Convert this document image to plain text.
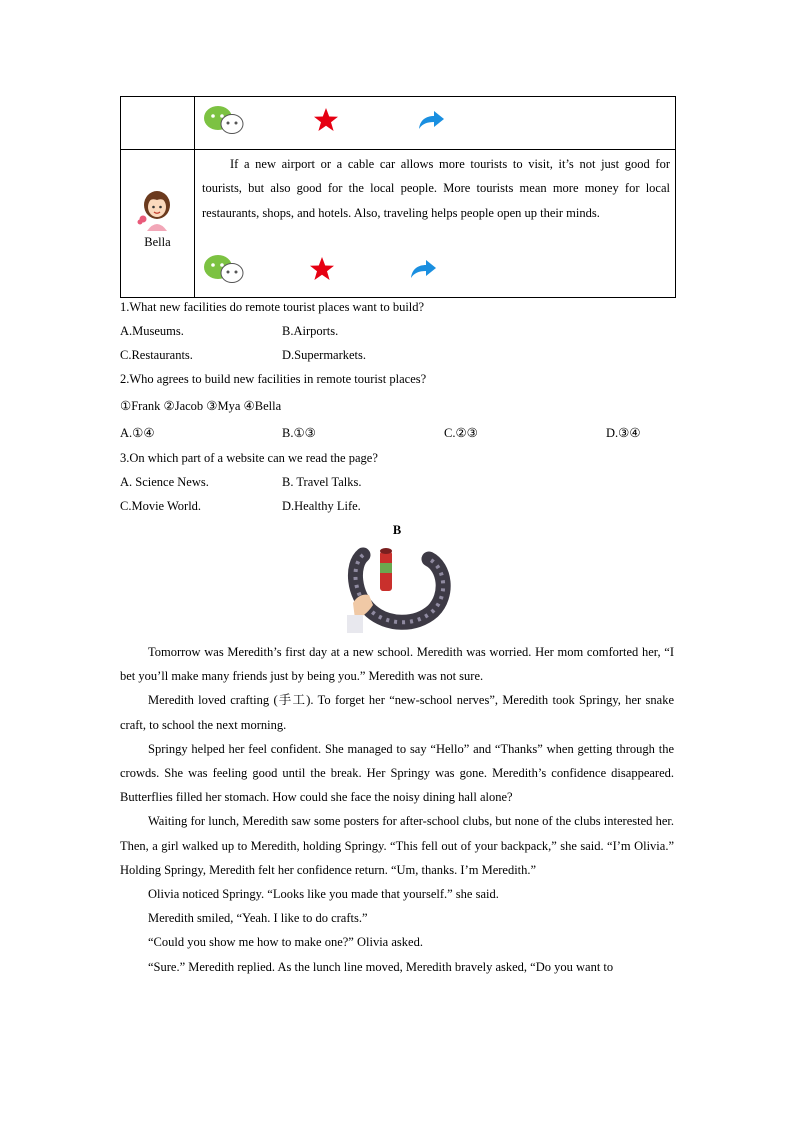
Bella
If a new airport or a cable car allows more tourists to visit, it’s not just good for tourists, but also good for the local people. More tourists mean more money for local restaurants, shops, and hotels. Also, traveling helps people open up their minds.
1.What new facilities do remote tourist places want to build?
A.Museums.	B.Airports.
C.Restaurants.	D.Supermarkets.
2.Who agrees to build new facilities in remote tourist places?
①Frank ②Jacob ③Mya ④Bella
A.①④	B.①③	C.②③	D.③④
3.On which part of a website can we read the page?
A. Science News.	B. Travel Talks.
C.Movie World.	D.Healthy Life.
B

Tomorrow was Meredith’s first day at a new school. Meredith was worried. Her mom comforted her, “I bet you’ll make many friends just by being you.” Meredith was not sure.

Meredith loved crafting (手工). To forget her “new-school nerves”, Meredith took Springy, her snake craft, to school the next morning.

Springy helped her feel confident. She managed to say “Hello” and “Thanks” when getting through the crowds. She was feeling good until the break. Her Springy was gone. Meredith’s confidence disappeared. Butterflies filled her stomach. How could she face the noisy dining hall alone?

Waiting for lunch, Meredith saw some posters for after-school clubs, but none of the clubs interested her. Then, a girl walked up to Meredith, holding Springy. “This fell out of your backpack,” she said. “I’m Olivia.” Holding Springy, Meredith felt her confidence return. “Um, thanks. I’m Meredith.”

Olivia noticed Springy. “Looks like you made that yourself.” she said.

Meredith smiled, “Yeah. I like to do crafts.”

“Could you show me how to make one?” Olivia asked.

“Sure.” Meredith replied. As the lunch line moved, Meredith bravely asked, “Do you want to
